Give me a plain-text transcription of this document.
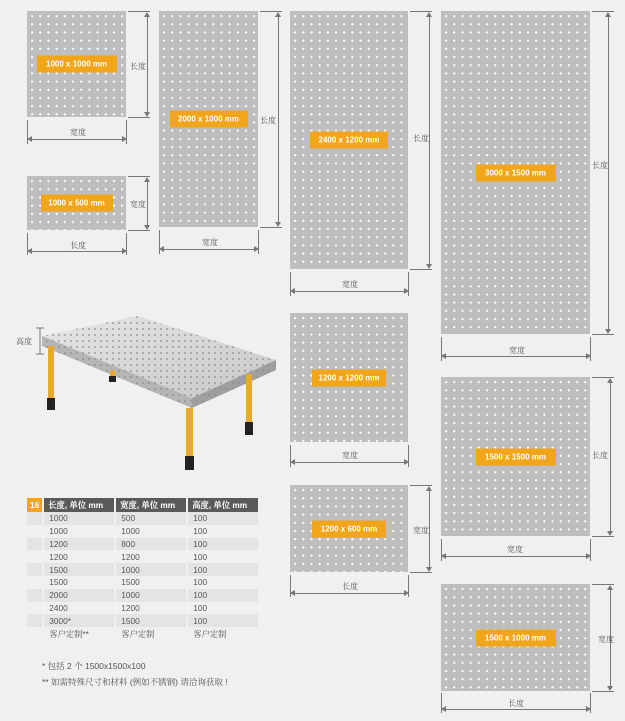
1000 x 1000 mm	长度
宽度
1000 x 500 mm	宽度
长度
2000 x 1000 mm	长度
宽度
2400 x 1200 mm	长度
宽度
3000 x 1500 mm
长度
宽度
1200 x 1200 mm
宽度	1500 x 1500 mm	长度
宽度
1200 x 600 mm	宽度
长度
1500 x 1000 mm	宽度
长度
高度
16	长度, 单位 mm	宽度, 单位 mm	高度, 单位 mm
	1000	500	100
	1000	1000	100
	1200	800	100
	1200	1200	100
	1500	1000	100
	1500	1500	100
	2000	1000	100
	2400	1200	100
	3000*	1500	100
	客户定制**	客户定制	客户定制
* 包括 2 个 1500x1500x100
** 如需特殊尺寸和材料 (例如不锈钢) 请洽询获取 !
